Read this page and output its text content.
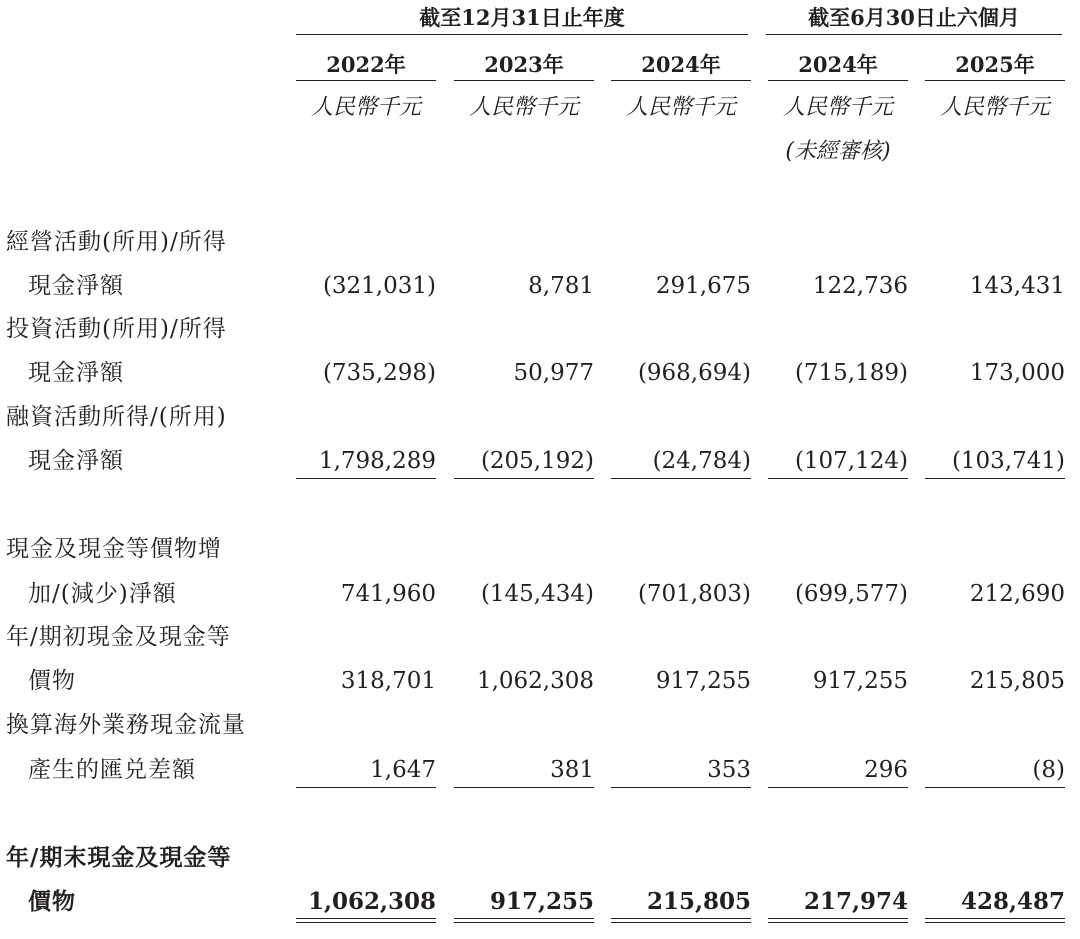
截至12月31日止年度	截至6月30日止六個月
2022年	2023年	2024年	2024年	2025年
人民幣千元	人民幣千元	人民幣千元	人民幣千元	人民幣千元
(未經審核)
經營活動(所用)/所得
現金淨額	(321,031)	8,781	291,675	122,736	143,431
投資活動(所用)/所得
現金淨額	(735,298)	50,977	(968,694)	(715,189)	173,000
融資活動所得/(所用)
現金淨額	1,798,289	(205,192)	(24,784)	(107,124)	(103,741)
現金及現金等價物增
加/(減少)淨額	741,960	(145,434)	(701,803)	(699,577)	212,690
年/期初現金及現金等
價物	318,701	1,062,308	917,255	917,255	215,805
換算海外業務現金流量
產生的匯兑差額	1,647	381	353	296	(8)
年/期末現金及現金等
價物	1,062,308	917,255	215,805	217,974	428,487
